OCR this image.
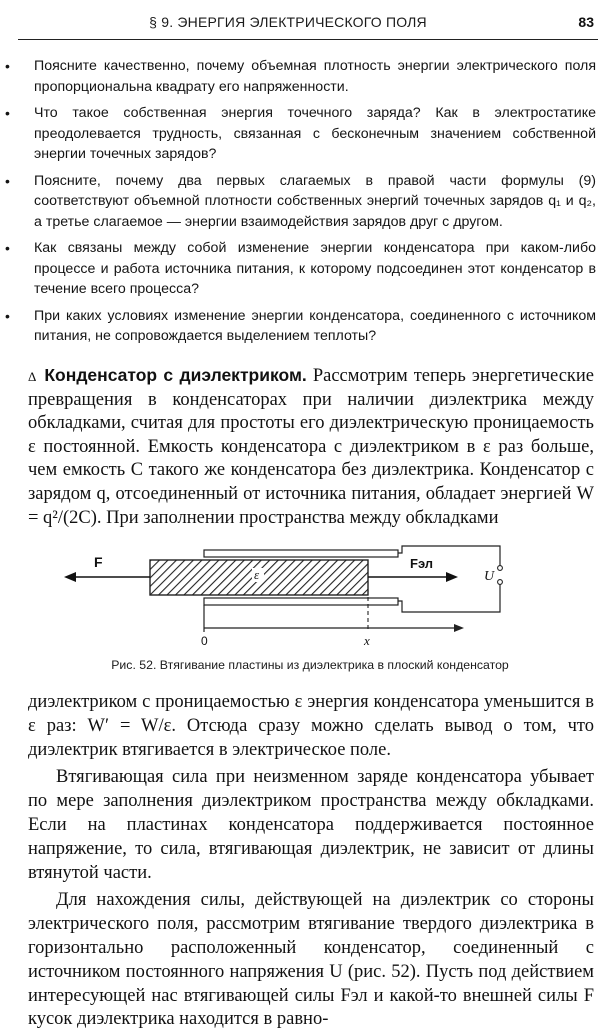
§ 9. ЭНЕРГИЯ ЭЛЕКТРИЧЕСКОГО ПОЛЯ	83
• Поясните качественно, почему объемная плотность энергии электрического поля пропорциональна квадрату его напряженности.
• Что такое собственная энергия точечного заряда? Как в электростатике преодолевается трудность, связанная с бесконечным значением собственной энергии точечных зарядов?
• Поясните, почему два первых слагаемых в правой части формулы (9) соответствуют объемной плотности собственных энергий точечных зарядов q₁ и q₂, а третье слагаемое — энергии взаимодействия зарядов друг с другом.
• Как связаны между собой изменение энергии конденсатора при каком-либо процессе и работа источника питания, к которому подсоединен этот конденсатор в течение всего процесса?
• При каких условиях изменение энергии конденсатора, соединенного с источником питания, не сопровождается выделением теплоты?
Δ Конденсатор с диэлектриком. Рассмотрим теперь энергетические превращения в конденсаторах при наличии диэлектрика между обкладками, считая для простоты его диэлектрическую проницаемость ε постоянной. Емкость конденсатора с диэлектриком в ε раз больше, чем емкость C такого же конденсатора без диэлектрика. Конденсатор с зарядом q, отсоединенный от источника питания, обладает энергией W = q²/(2C). При заполнении пространства между обкладками
ε
F	Fэл
U
0	x
Рис. 52. Втягивание пластины из диэлектрика в плоский конденсатор

диэлектриком с проницаемостью ε энергия конденсатора уменьшится в ε раз: W′ = W/ε. Отсюда сразу можно сделать вывод о том, что диэлектрик втягивается в электрическое поле.

Втягивающая сила при неизменном заряде конденсатора убывает по мере заполнения диэлектриком пространства между обкладками. Если на пластинах конденсатора поддерживается постоянное напряжение, то сила, втягивающая диэлектрик, не зависит от длины втянутой части.

Для нахождения силы, действующей на диэлектрик со стороны электрического поля, рассмотрим втягивание твердого диэлектрика в горизонтально расположенный конденсатор, соединенный с источником постоянного напряжения U (рис. 52). Пусть под действием интересующей нас втягивающей силы Fэл и какой-то внешней силы F кусок диэлектрика находится в равно-
